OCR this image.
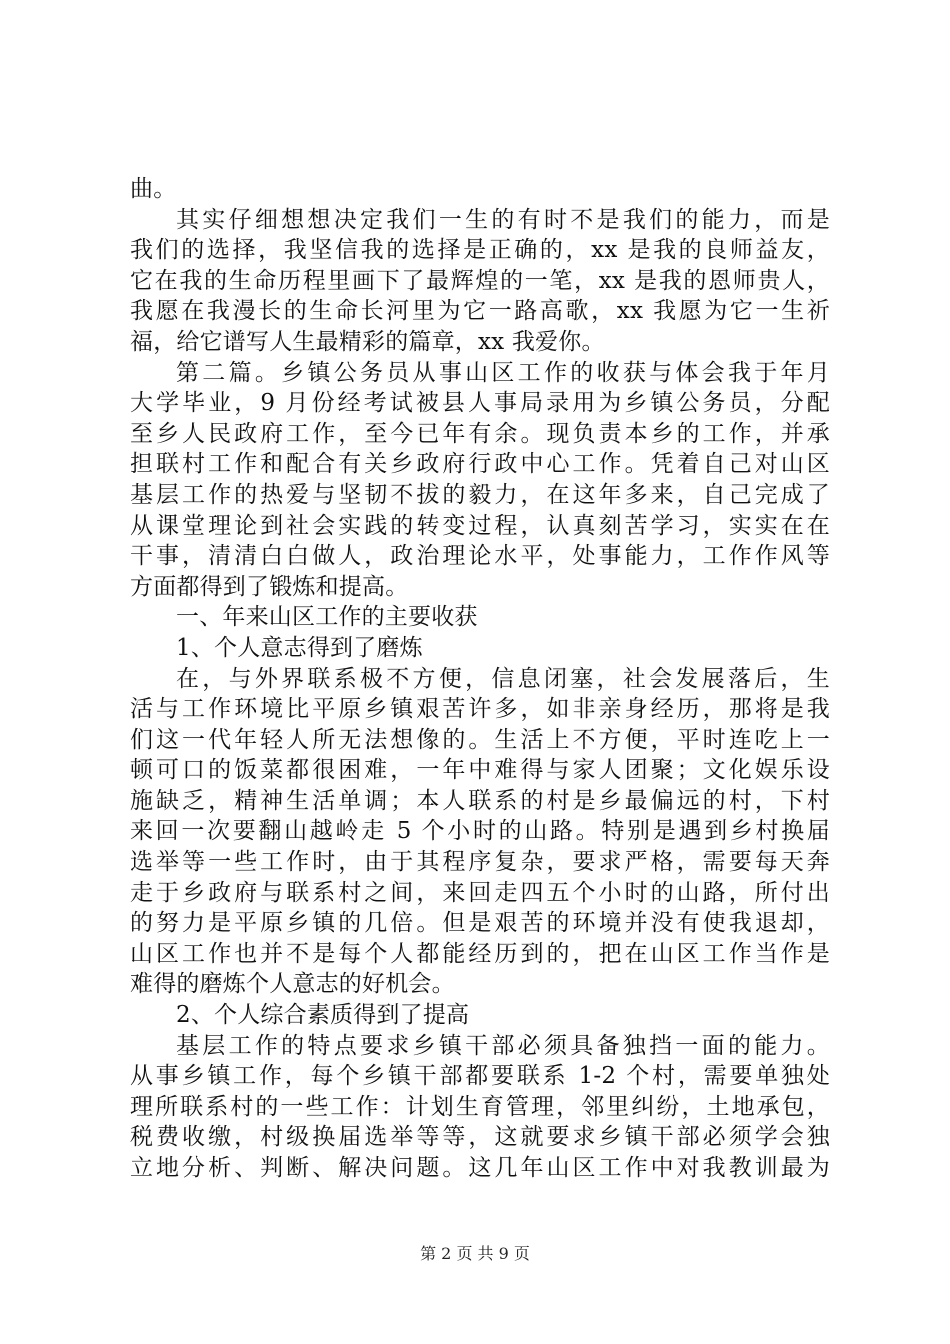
曲。
其实仔细想想决定我们一生的有时不是我们的能力，而是
我们的选择，我坚信我的选择是正确的，xx 是我的良师益友，
它在我的生命历程里画下了最辉煌的一笔，xx 是我的恩师贵人，
我愿在我漫长的生命长河里为它一路高歌，xx 我愿为它一生祈
福，给它谱写人生最精彩的篇章，xx 我爱你。
第二篇。乡镇公务员从事山区工作的收获与体会我于年月
大学毕业，9 月份经考试被县人事局录用为乡镇公务员，分配
至乡人民政府工作，至今已年有余。现负责本乡的工作，并承
担联村工作和配合有关乡政府行政中心工作。凭着自己对山区
基层工作的热爱与坚韧不拔的毅力，在这年多来，自己完成了
从课堂理论到社会实践的转变过程，认真刻苦学习，实实在在
干事，清清白白做人，政治理论水平，处事能力，工作作风等
方面都得到了锻炼和提高。
一、年来山区工作的主要收获
1、个人意志得到了磨炼
在，与外界联系极不方便，信息闭塞，社会发展落后，生
活与工作环境比平原乡镇艰苦许多，如非亲身经历，那将是我
们这一代年轻人所无法想像的。生活上不方便，平时连吃上一
顿可口的饭菜都很困难，一年中难得与家人团聚；文化娱乐设
施缺乏，精神生活单调；本人联系的村是乡最偏远的村，下村
来回一次要翻山越岭走 5 个小时的山路。特别是遇到乡村换届
选举等一些工作时，由于其程序复杂，要求严格，需要每天奔
走于乡政府与联系村之间，来回走四五个小时的山路，所付出
的努力是平原乡镇的几倍。但是艰苦的环境并没有使我退却，
山区工作也并不是每个人都能经历到的，把在山区工作当作是
难得的磨炼个人意志的好机会。
2、个人综合素质得到了提高
基层工作的特点要求乡镇干部必须具备独挡一面的能力。
从事乡镇工作，每个乡镇干部都要联系 1-2 个村，需要单独处
理所联系村的一些工作：计划生育管理，邻里纠纷，土地承包，
税费收缴，村级换届选举等等，这就要求乡镇干部必须学会独
立地分析、判断、解决问题。这几年山区工作中对我教训最为
第 2 页 共 9 页
